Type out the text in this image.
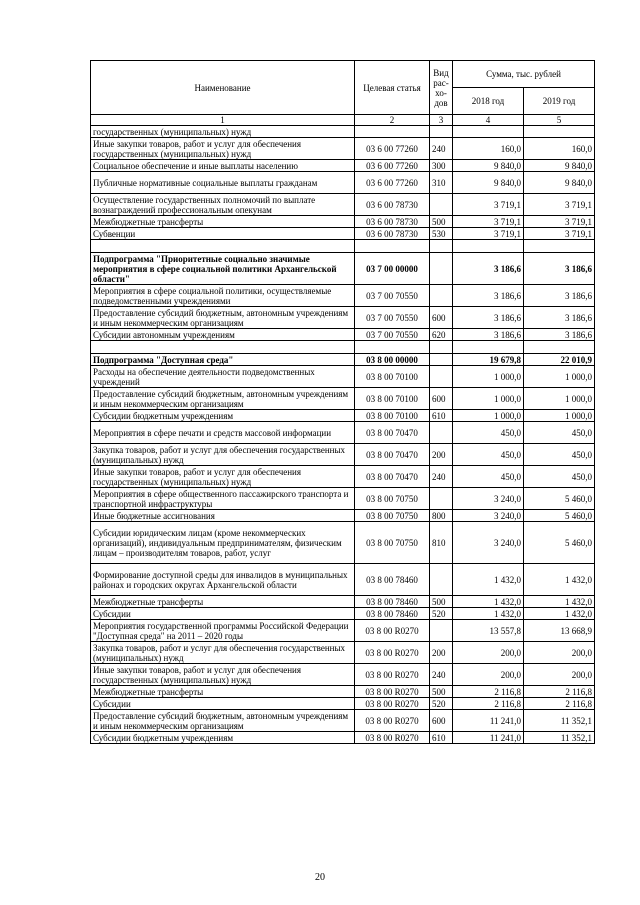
Наименование	Целевая статья	Вид рас-хо-дов	Сумма, тыс. рублей	
			2018 год	2019 год
1	2	3	4	5
государственных (муниципальных) нужд				
Иные закупки товаров, работ и услуг для обеспечения государственных (муниципальных) нужд	03 6 00 77260	240	160,0	160,0
Социальное обеспечение и иные выплаты населению	03 6 00 77260	300	9 840,0	9 840,0
Публичные нормативные социальные выплаты гражданам	03 6 00 77260	310	9 840,0	9 840,0
Осуществление государственных полномочий по выплате вознаграждений профессиональным опекунам	03 6 00 78730		3 719,1	3 719,1
Межбюджетные трансферты	03 6 00 78730	500	3 719,1	3 719,1
Субвенции	03 6 00 78730	530	3 719,1	3 719,1

Подпрограмма "Приоритетные социально значимые мероприятия в сфере социальной политики Архангельской области"	03 7 00 00000		3 186,6	3 186,6
Мероприятия в сфере социальной политики, осуществляемые подведомственными учреждениями	03 7 00 70550		3 186,6	3 186,6
Предоставление субсидий бюджетным, автономным учреждениям и иным некоммерческим организациям	03 7 00 70550	600	3 186,6	3 186,6
Субсидии автономным учреждениям	03 7 00 70550	620	3 186,6	3 186,6

Подпрограмма "Доступная среда"	03 8 00 00000		19 679,8	22 010,9
Расходы на обеспечение деятельности подведомственных учреждений	03 8 00 70100		1 000,0	1 000,0
Предоставление субсидий бюджетным, автономным учреждениям и иным некоммерческим организациям	03 8 00 70100	600	1 000,0	1 000,0
Субсидии бюджетным учреждениям	03 8 00 70100	610	1 000,0	1 000,0
Мероприятия в сфере печати и средств массовой информации	03 8 00 70470		450,0	450,0
Закупка товаров, работ и услуг для обеспечения государственных (муниципальных) нужд	03 8 00 70470	200	450,0	450,0
Иные закупки товаров, работ и услуг для обеспечения государственных (муниципальных) нужд	03 8 00 70470	240	450,0	450,0
Мероприятия в сфере общественного пассажирского транспорта и транспортной инфраструктуры	03 8 00 70750		3 240,0	5 460,0
Иные бюджетные ассигнования	03 8 00 70750	800	3 240,0	5 460,0
Субсидии юридическим лицам (кроме некоммерческих организаций), индивидуальным предпринимателям, физическим лицам – производителям товаров, работ, услуг	03 8 00 70750	810	3 240,0	5 460,0
Формирование доступной среды для инвалидов в муниципальных районах и городских округах Архангельской области	03 8 00 78460		1 432,0	1 432,0
Межбюджетные трансферты	03 8 00 78460	500	1 432,0	1 432,0
Субсидии	03 8 00 78460	520	1 432,0	1 432,0
Мероприятия государственной программы Российской Федерации "Доступная среда" на 2011 – 2020 годы	03 8 00 R0270		13 557,8	13 668,9
Закупка товаров, работ и услуг для обеспечения государственных (муниципальных) нужд	03 8 00 R0270	200	200,0	200,0
Иные закупки товаров, работ и услуг для обеспечения государственных (муниципальных) нужд	03 8 00 R0270	240	200,0	200,0
Межбюджетные трансферты	03 8 00 R0270	500	2 116,8	2 116,8
Субсидии	03 8 00 R0270	520	2 116,8	2 116,8
Предоставление субсидий бюджетным, автономным учреждениям и иным некоммерческим организациям	03 8 00 R0270	600	11 241,0	11 352,1
Субсидии бюджетным учреждениям	03 8 00 R0270	610	11 241,0	11 352,1
20
